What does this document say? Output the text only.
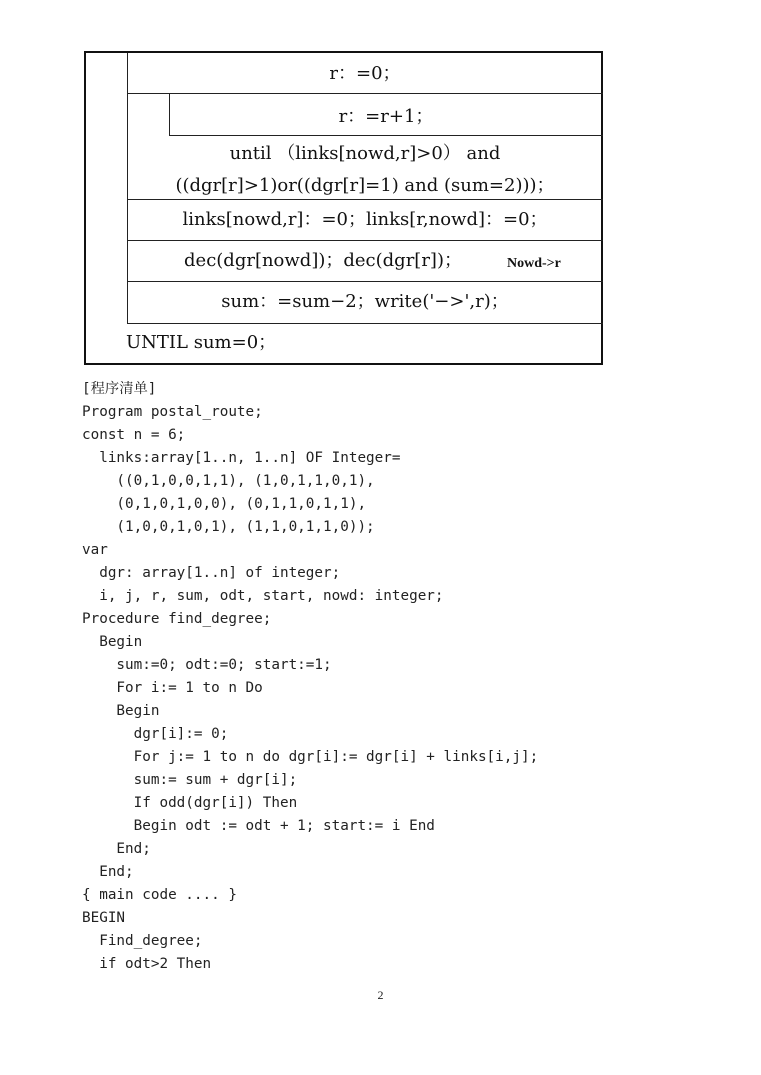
r：=0；
r：=r+1；
until （links[nowd,r]>0） and
((dgr[r]>1)or((dgr[r]=1) and (sum=2)))；
links[nowd,r]：=0；links[r,nowd]：=0；
dec(dgr[nowd])；dec(dgr[r])；	Nowd->r
sum：=sum−2；write('−>',r)；
UNTIL sum=0；
[程序清单]
Program postal_route;
const n = 6;
links:array[1..n, 1..n] OF Integer=
((0,1,0,0,1,1), (1,0,1,1,0,1),
(0,1,0,1,0,0), (0,1,1,0,1,1),
(1,0,0,1,0,1), (1,1,0,1,1,0));
var
dgr: array[1..n] of integer;
i, j, r, sum, odt, start, nowd: integer;
Procedure find_degree;
Begin
sum:=0; odt:=0; start:=1;
For i:= 1 to n Do
Begin
dgr[i]:= 0;
For j:= 1 to n do dgr[i]:= dgr[i] + links[i,j];
sum:= sum + dgr[i];
If odd(dgr[i]) Then
Begin odt := odt + 1; start:= i End
End;
End;
{ main code .... }
BEGIN
Find_degree;
if odt>2 Then
2
